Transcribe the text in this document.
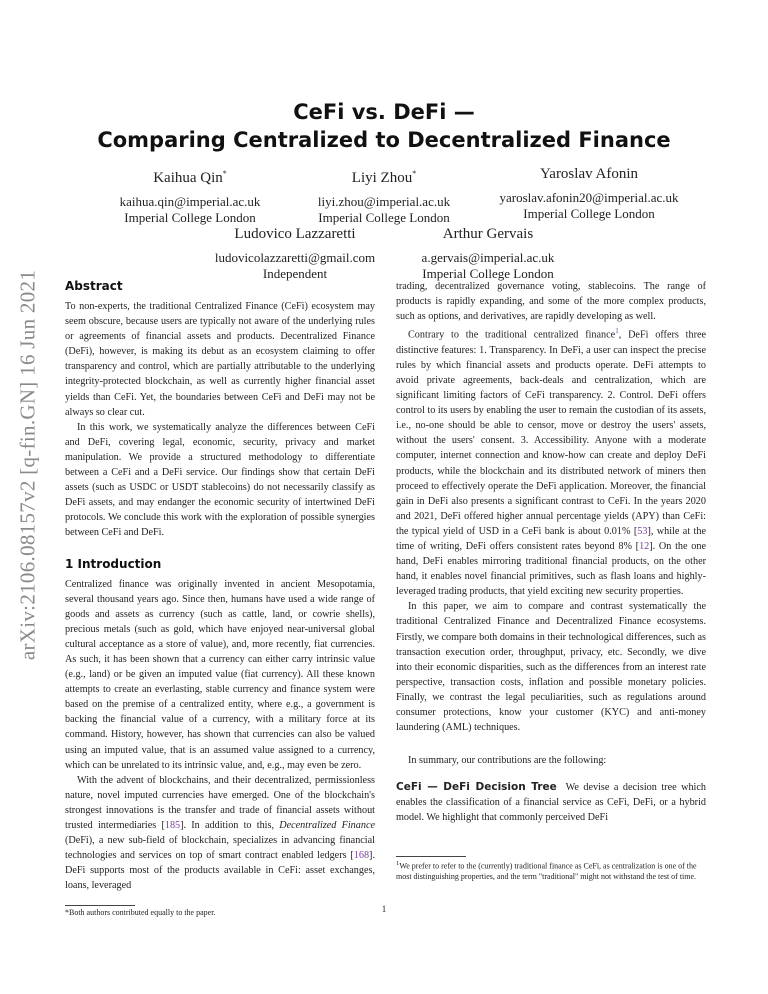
arXiv:2106.08157v2 [q-fin.GN] 16 Jun 2021
CeFi vs. DeFi —
Comparing Centralized to Decentralized Finance
Kaihua Qin*
kaihua.qin@imperial.ac.uk
Imperial College London
Liyi Zhou*
liyi.zhou@imperial.ac.uk
Imperial College London
Yaroslav Afonin
yaroslav.afonin20@imperial.ac.uk
Imperial College London
Ludovico Lazzaretti
ludovicolazzaretti@gmail.com
Independent
Arthur Gervais
a.gervais@imperial.ac.uk
Imperial College London
Abstract

To non-experts, the traditional Centralized Finance (CeFi) ecosystem may seem obscure, because users are typically not aware of the underlying rules or agreements of financial assets and products. Decentralized Finance (DeFi), however, is making its debut as an ecosystem claiming to offer transparency and control, which are partially attributable to the underlying integrity-protected blockchain, as well as currently higher financial asset yields than CeFi. Yet, the boundaries between CeFi and DeFi may not be always so clear cut.

In this work, we systematically analyze the differences between CeFi and DeFi, covering legal, economic, security, privacy and market manipulation. We provide a structured methodology to differentiate between a CeFi and a DeFi service. Our findings show that certain DeFi assets (such as USDC or USDT stablecoins) do not necessarily classify as DeFi assets, and may endanger the economic security of intertwined DeFi protocols. We conclude this work with the exploration of possible synergies between CeFi and DeFi.

1 Introduction

Centralized finance was originally invented in ancient Mesopotamia, several thousand years ago. Since then, humans have used a wide range of goods and assets as currency (such as cattle, land, or cowrie shells), precious metals (such as gold, which have enjoyed near-universal global cultural acceptance as a store of value), and, more recently, fiat currencies. As such, it has been shown that a currency can either carry intrinsic value (e.g., land) or be given an imputed value (fiat currency). All these known attempts to create an everlasting, stable currency and finance system were based on the premise of a centralized entity, where e.g., a government is backing the financial value of a currency, with a military force at its command. History, however, has shown that currencies can also be valued using an imputed value, that is an assumed value assigned to a currency, which can be unrelated to its intrinsic value, and, e.g., may even be zero.

With the advent of blockchains, and their decentralized, permissionless nature, novel imputed currencies have emerged. One of the blockchain's strongest innovations is the transfer and trade of financial assets without trusted intermediaries [185]. In addition to this, Decentralized Finance (DeFi), a new sub-field of blockchain, specializes in advancing financial technologies and services on top of smart contract enabled ledgers [168]. DeFi supports most of the products available in CeFi: asset exchanges, loans, leveraged

*Both authors contributed equally to the paper.

trading, decentralized governance voting, stablecoins. The range of products is rapidly expanding, and some of the more complex products, such as options, and derivatives, are rapidly developing as well.

Contrary to the traditional centralized finance$^1$, DeFi offers three distinctive features: 1. Transparency. In DeFi, a user can inspect the precise rules by which financial assets and products operate. DeFi attempts to avoid private agreements, back-deals and centralization, which are significant limiting factors of CeFi transparency. 2. Control. DeFi offers control to its users by enabling the user to remain the custodian of its assets, i.e., no-one should be able to censor, move or destroy the users' assets, without the users' consent. 3. Accessibility. Anyone with a moderate computer, internet connection and know-how can create and deploy DeFi products, while the blockchain and its distributed network of miners then proceed to effectively operate the DeFi application. Moreover, the financial gain in DeFi also presents a significant contrast to CeFi. In the years 2020 and 2021, DeFi offered higher annual percentage yields (APY) than CeFi: the typical yield of USD in a CeFi bank is about 0.01% [53], while at the time of writing, DeFi offers consistent rates beyond 8% [12]. On the one hand, DeFi enables mirroring traditional financial products, on the other hand, it enables novel financial primitives, such as flash loans and highly-leveraged trading products, that yield exciting new security properties.

In this paper, we aim to compare and contrast systematically the traditional Centralized Finance and Decentralized Finance ecosystems. Firstly, we compare both domains in their technological differences, such as transaction execution order, throughput, privacy, etc. Secondly, we dive into their economic disparities, such as the differences from an interest rate perspective, transaction costs, inflation and possible monetary policies. Finally, we contrast the legal peculiarities, such as regulations around consumer protections, know your customer (KYC) and anti-money laundering (AML) techniques.

In summary, our contributions are the following:

CeFi — DeFi Decision Tree We devise a decision tree which enables the classification of a financial service as CeFi, DeFi, or a hybrid model. We highlight that commonly perceived DeFi

$^1$We prefer to refer to the (currently) traditional finance as CeFi, as centralization is one of the most distinguishing properties, and the term "traditional" might not withstand the test of time.
1
